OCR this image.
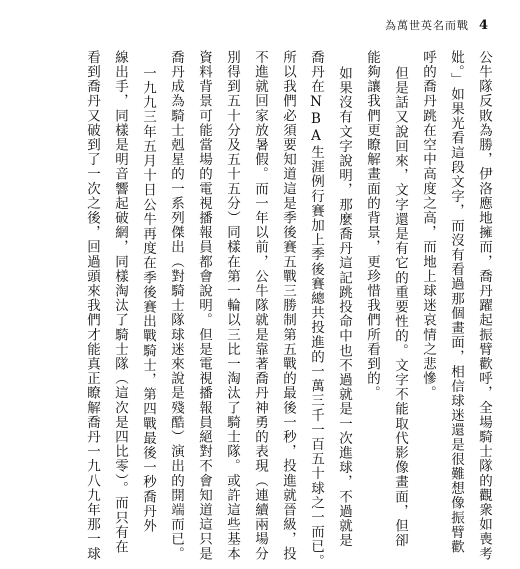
為萬世英名而戰 4
公牛隊反敗為勝，伊洛應地擁而，喬丹躍起振臂歡呼，全場騎士隊的觀衆如喪考
妣。」如果光看這段文字，而沒有看過那個畫面，相信球迷還是很難想像振臂歡
呼的喬丹跳在空中高度之高，而地上球迷哀情之悲慘。
但是話又說回來，文字還是有它的重要性的。文字不能取代影像畫面，但卻
能夠讓我們更瞭解畫面的背景，更珍惜我們所看到的。
如果沒有文字說明，那麼喬丹這記跳投命中也不過就是一次進球，不過就是
喬丹在NBA生涯例行賽加上季後賽總共投進的一萬三千一百五十球之一而已。
所以我們必須要知道這是季後賽五戰三勝制第五戰的最後一秒，投進就晉級，投
不進就回家放暑假。而一年以前，公牛隊就是靠著喬丹神勇的表現（連續兩場分
別得到五十分及五十五分）同樣在第一輪以三比一淘汰了騎士隊。或許這些基本
資料背景可能當場的電視播報員都會說明。但是電視播報員絕對不會知道這只是
喬丹成為騎士剋星的一系列傑出（對騎士隊球迷來說是殘酷）演出的開端而已。
一九九三年五月十日公牛再度在季後賽出戰騎士，第四戰最後一秒喬丹外
線出手，同樣是明音響起破網，同樣淘汰了騎士隊（這次是四比零）。而只有在
看到喬丹又破到了一次之後，回過頭來我們才能真正瞭解喬丹一九八九年那一球
